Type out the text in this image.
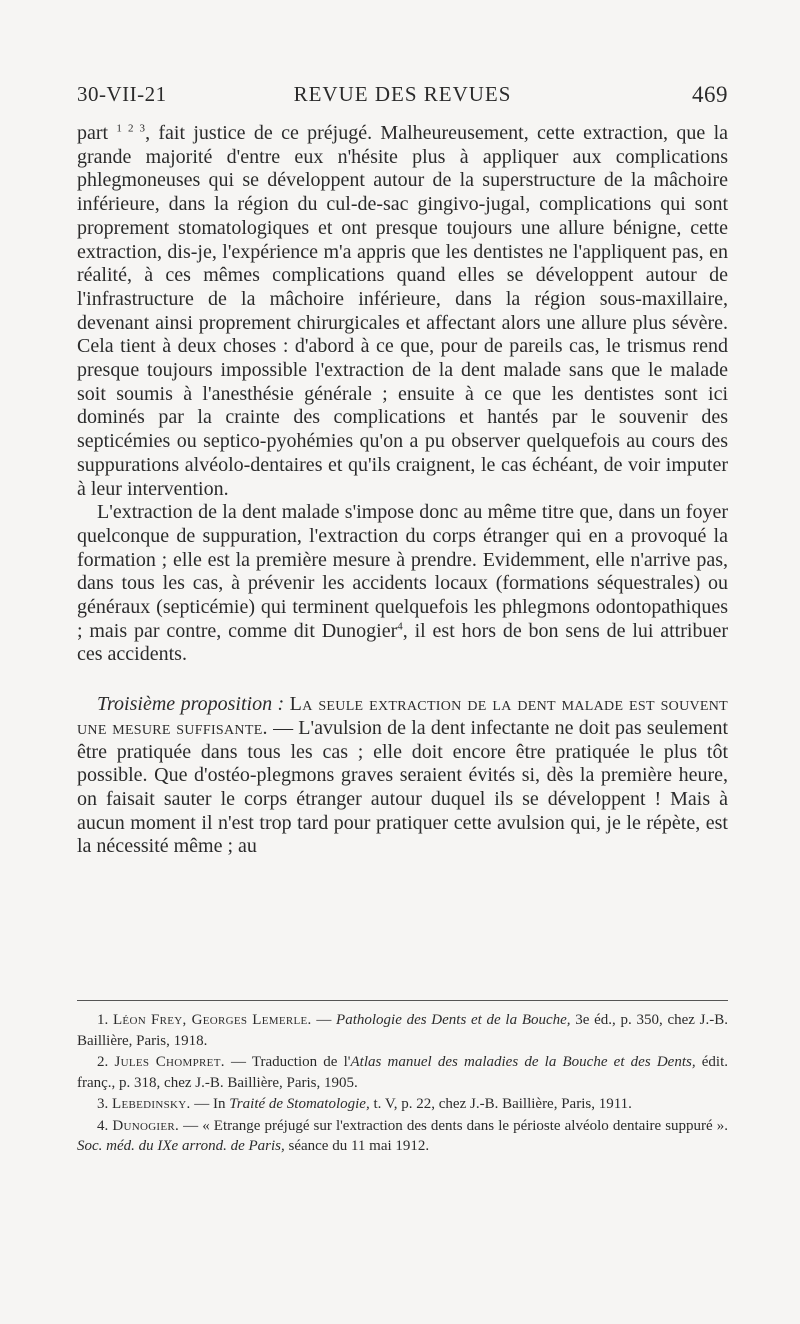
30-VII-21	REVUE DES REVUES	469

part $^{1 2 3}$, fait justice de ce préjugé. Malheureusement, cette extraction, que la grande majorité d'entre eux n'hésite plus à appliquer aux complications phlegmoneuses qui se développent autour de la superstructure de la mâchoire inférieure, dans la région du cul-de-sac gingivo-jugal, complications qui sont proprement stomatologiques et ont presque toujours une allure bénigne, cette extraction, dis-je, l'expérience m'a appris que les dentistes ne l'appliquent pas, en réalité, à ces mêmes complications quand elles se développent autour de l'infrastructure de la mâchoire inférieure, dans la région sous-maxillaire, devenant ainsi proprement chirurgicales et affectant alors une allure plus sévère. Cela tient à deux choses : d'abord à ce que, pour de pareils cas, le trismus rend presque toujours impossible l'extraction de la dent malade sans que le malade soit soumis à l'anesthésie générale ; ensuite à ce que les dentistes sont ici dominés par la crainte des complications et hantés par le souvenir des septicémies ou septico-pyohémies qu'on a pu observer quelquefois au cours des suppurations alvéolo-dentaires et qu'ils craignent, le cas échéant, de voir imputer à leur intervention.

L'extraction de la dent malade s'impose donc au même titre que, dans un foyer quelconque de suppuration, l'extraction du corps étranger qui en a provoqué la formation ; elle est la première mesure à prendre. Evidemment, elle n'arrive pas, dans tous les cas, à prévenir les accidents locaux (formations séquestrales) ou généraux (septicémie) qui terminent quelquefois les phlegmons odontopathiques ; mais par contre, comme dit Dunogier$^4$, il est hors de bon sens de lui attribuer ces accidents.

Troisième proposition : La seule extraction de la dent malade est souvent une mesure suffisante. — L'avulsion de la dent infectante ne doit pas seulement être pratiquée dans tous les cas ; elle doit encore être pratiquée le plus tôt possible. Que d'ostéo-plegmons graves seraient évités si, dès la première heure, on faisait sauter le corps étranger autour duquel ils se développent ! Mais à aucun moment il n'est trop tard pour pratiquer cette avulsion qui, je le répète, est la nécessité même ; au

1. Léon Frey, Georges Lemerle. — Pathologie des Dents et de la Bouche, 3e éd., p. 350, chez J.-B. Baillière, Paris, 1918.

2. Jules Chompret. — Traduction de l'Atlas manuel des maladies de la Bouche et des Dents, édit. franç., p. 318, chez J.-B. Baillière, Paris, 1905.

3. Lebedinsky. — In Traité de Stomatologie, t. V, p. 22, chez J.-B. Baillière, Paris, 1911.

4. Dunogier. — « Etrange préjugé sur l'extraction des dents dans le périoste alvéolo dentaire suppuré ». Soc. méd. du IXe arrond. de Paris, séance du 11 mai 1912.
